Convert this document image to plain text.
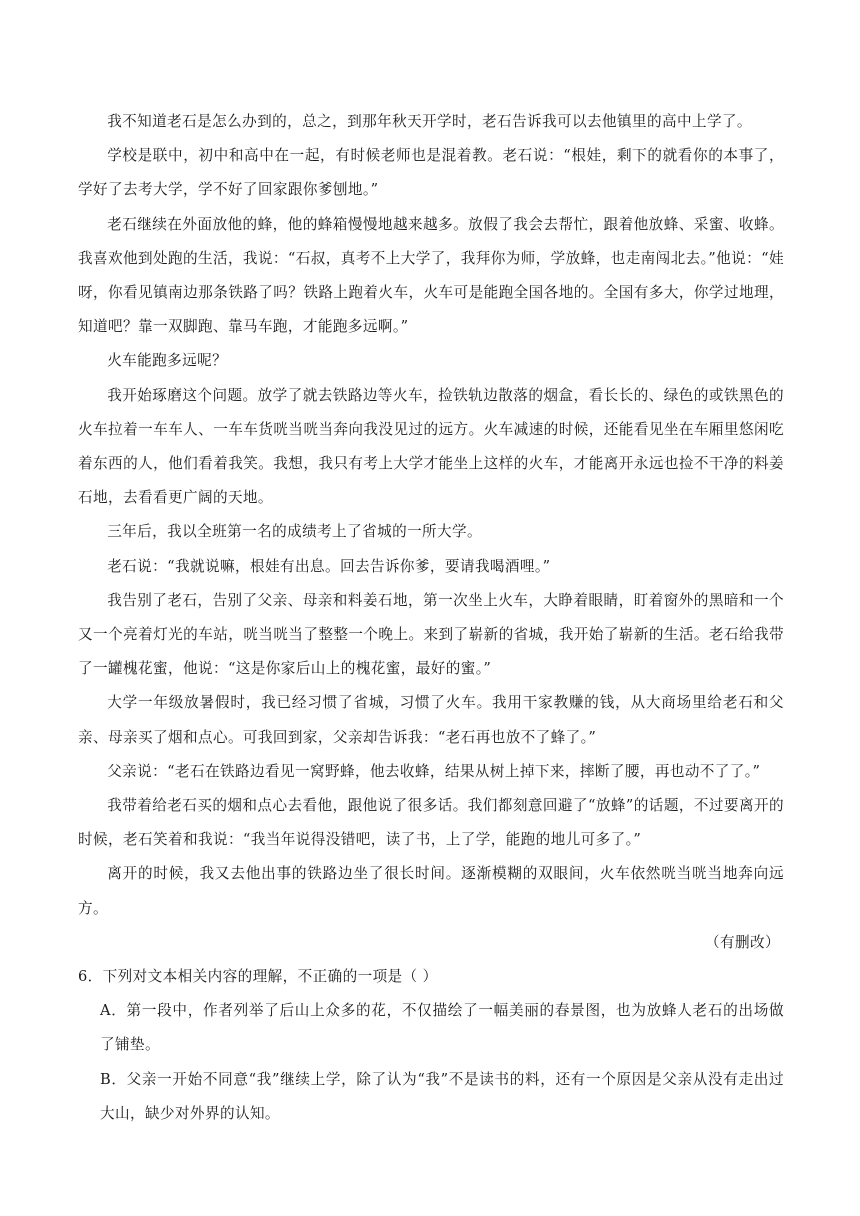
我不知道老石是怎么办到的，总之，到那年秋天开学时，老石告诉我可以去他镇里的高中上学了。

学校是联中，初中和高中在一起，有时候老师也是混着教。老石说：“根娃，剩下的就看你的本事了，学好了去考大学，学不好了回家跟你爹刨地。”

老石继续在外面放他的蜂，他的蜂箱慢慢地越来越多。放假了我会去帮忙，跟着他放蜂、采蜜、收蜂。我喜欢他到处跑的生活，我说：“石叔，真考不上大学了，我拜你为师，学放蜂，也走南闯北去。”他说：“娃呀，你看见镇南边那条铁路了吗？铁路上跑着火车，火车可是能跑全国各地的。全国有多大，你学过地理，知道吧？靠一双脚跑、靠马车跑，才能跑多远啊。”

火车能跑多远呢？

我开始琢磨这个问题。放学了就去铁路边等火车，捡铁轨边散落的烟盒，看长长的、绿色的或铁黑色的火车拉着一车车人、一车车货咣当咣当奔向我没见过的远方。火车减速的时候，还能看见坐在车厢里悠闲吃着东西的人，他们看着我笑。我想，我只有考上大学才能坐上这样的火车，才能离开永远也捡不干净的料姜石地，去看看更广阔的天地。

三年后，我以全班第一名的成绩考上了省城的一所大学。

老石说：“我就说嘛，根娃有出息。回去告诉你爹，要请我喝酒哩。”

我告别了老石，告别了父亲、母亲和料姜石地，第一次坐上火车，大睁着眼睛，盯着窗外的黑暗和一个又一个亮着灯光的车站，咣当咣当了整整一个晚上。来到了崭新的省城，我开始了崭新的生活。老石给我带了一罐槐花蜜，他说：“这是你家后山上的槐花蜜，最好的蜜。”

大学一年级放暑假时，我已经习惯了省城，习惯了火车。我用干家教赚的钱，从大商场里给老石和父亲、母亲买了烟和点心。可我回到家，父亲却告诉我：“老石再也放不了蜂了。”

父亲说：“老石在铁路边看见一窝野蜂，他去收蜂，结果从树上掉下来，摔断了腰，再也动不了了。”

我带着给老石买的烟和点心去看他，跟他说了很多话。我们都刻意回避了“放蜂”的话题，不过要离开的时候，老石笑着和我说：“我当年说得没错吧，读了书，上了学，能跑的地儿可多了。”

离开的时候，我又去他出事的铁路边坐了很长时间。逐渐模糊的双眼间，火车依然咣当咣当地奔向远方。

（有删改）

6．下列对文本相关内容的理解，不正确的一项是（ ）

A．第一段中，作者列举了后山上众多的花，不仅描绘了一幅美丽的春景图，也为放蜂人老石的出场做了铺垫。

B．父亲一开始不同意“我”继续上学，除了认为“我”不是读书的料，还有一个原因是父亲从没有走出过大山，缺少对外界的认知。
